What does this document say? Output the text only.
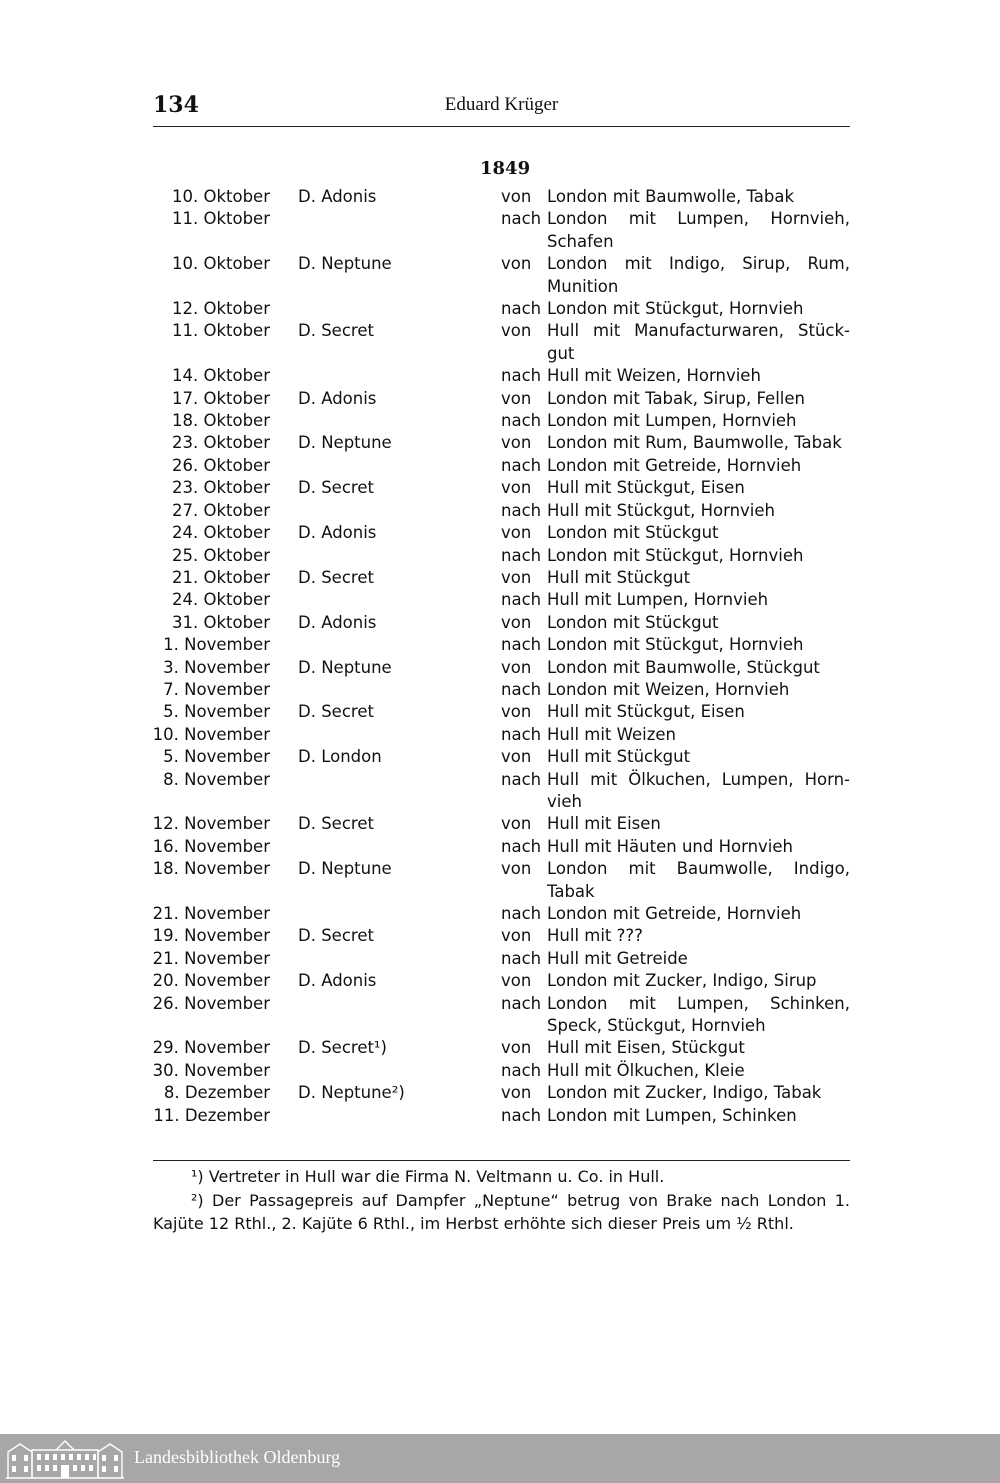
134	Eduard Krüger
1849
10. Oktober D. Adonis	von London mit Baumwolle, Tabak
11. Oktober	nach London mit Lumpen, Hornvieh, Schafen
10. Oktober D. Neptune	von London mit Indigo, Sirup, Rum, Munition
12. Oktober	nach London mit Stückgut, Hornvieh
11. Oktober D. Secret	von Hull mit Manufacturwaren, Stück-gut
14. Oktober	nach Hull mit Weizen, Hornvieh
17. Oktober D. Adonis	von London mit Tabak, Sirup, Fellen
18. Oktober	nach London mit Lumpen, Hornvieh
23. Oktober D. Neptune	von London mit Rum, Baumwolle, Tabak
26. Oktober	nach London mit Getreide, Hornvieh
23. Oktober D. Secret	von Hull mit Stückgut, Eisen
27. Oktober	nach Hull mit Stückgut, Hornvieh
24. Oktober D. Adonis	von London mit Stückgut
25. Oktober	nach London mit Stückgut, Hornvieh
21. Oktober D. Secret	von Hull mit Stückgut
24. Oktober	nach Hull mit Lumpen, Hornvieh
31. Oktober D. Adonis	von London mit Stückgut
1. November	nach London mit Stückgut, Hornvieh
3. November D. Neptune	von London mit Baumwolle, Stückgut
7. November	nach London mit Weizen, Hornvieh
5. November D. Secret	von Hull mit Stückgut, Eisen
10. November	nach Hull mit Weizen
5. November D. London	von Hull mit Stückgut
8. November	nach Hull mit Ölkuchen, Lumpen, Horn-vieh
12. November D. Secret	von Hull mit Eisen
16. November	nach Hull mit Häuten und Hornvieh
18. November D. Neptune	von London mit Baumwolle, Indigo, Tabak
21. November	nach London mit Getreide, Hornvieh
19. November D. Secret	von Hull mit ???
21. November	nach Hull mit Getreide
20. November D. Adonis	von London mit Zucker, Indigo, Sirup
26. November	nach London mit Lumpen, Schinken, Speck, Stückgut, Hornvieh
29. November D. Secret¹)	von Hull mit Eisen, Stückgut
30. November	nach Hull mit Ölkuchen, Kleie
8. Dezember D. Neptune²)	von London mit Zucker, Indigo, Tabak
11. Dezember	nach London mit Lumpen, Schinken

¹) Vertreter in Hull war die Firma N. Veltmann u. Co. in Hull.

²) Der Passagepreis auf Dampfer „Neptune“ betrug von Brake nach London 1. Kajüte 12 Rthl., 2. Kajüte 6 Rthl., im Herbst erhöhte sich dieser Preis um ½ Rthl.

Landesbibliothek Oldenburg
